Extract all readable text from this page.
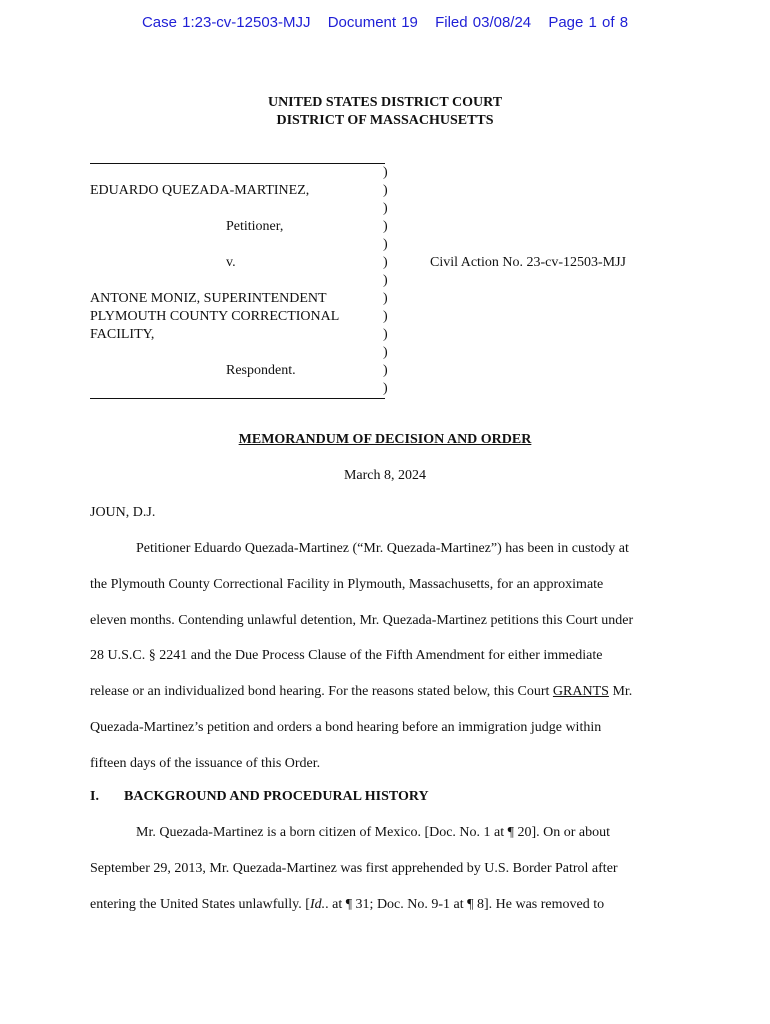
Case 1:23-cv-12503-MJJ Document 19 Filed 03/08/24 Page 1 of 8
UNITED STATES DISTRICT COURT
DISTRICT OF MASSACHUSETTS
)
)
)
)
)
)
)
)
)
)
)
)
)
EDUARDO QUEZADA-MARTINEZ,
Petitioner,
v.	Civil Action No. 23-cv-12503-MJJ
ANTONE MONIZ, SUPERINTENDENT
PLYMOUTH COUNTY CORRECTIONAL
FACILITY,
Respondent.
MEMORANDUM OF DECISION AND ORDER
March 8, 2024
JOUN, D.J.
Petitioner Eduardo Quezada-Martinez (“Mr. Quezada-Martinez”) has been in custody at
the Plymouth County Correctional Facility in Plymouth, Massachusetts, for an approximate
eleven months. Contending unlawful detention, Mr. Quezada-Martinez petitions this Court under
28 U.S.C. § 2241 and the Due Process Clause of the Fifth Amendment for either immediate
release or an individualized bond hearing. For the reasons stated below, this Court GRANTS Mr.
Quezada-Martinez’s petition and orders a bond hearing before an immigration judge within
fifteen days of the issuance of this Order.
I. BACKGROUND AND PROCEDURAL HISTORY
Mr. Quezada-Martinez is a born citizen of Mexico. [Doc. No. 1 at ¶ 20]. On or about
September 29, 2013, Mr. Quezada-Martinez was first apprehended by U.S. Border Patrol after
entering the United States unlawfully. [Id.. at ¶ 31; Doc. No. 9-1 at ¶ 8]. He was removed to
